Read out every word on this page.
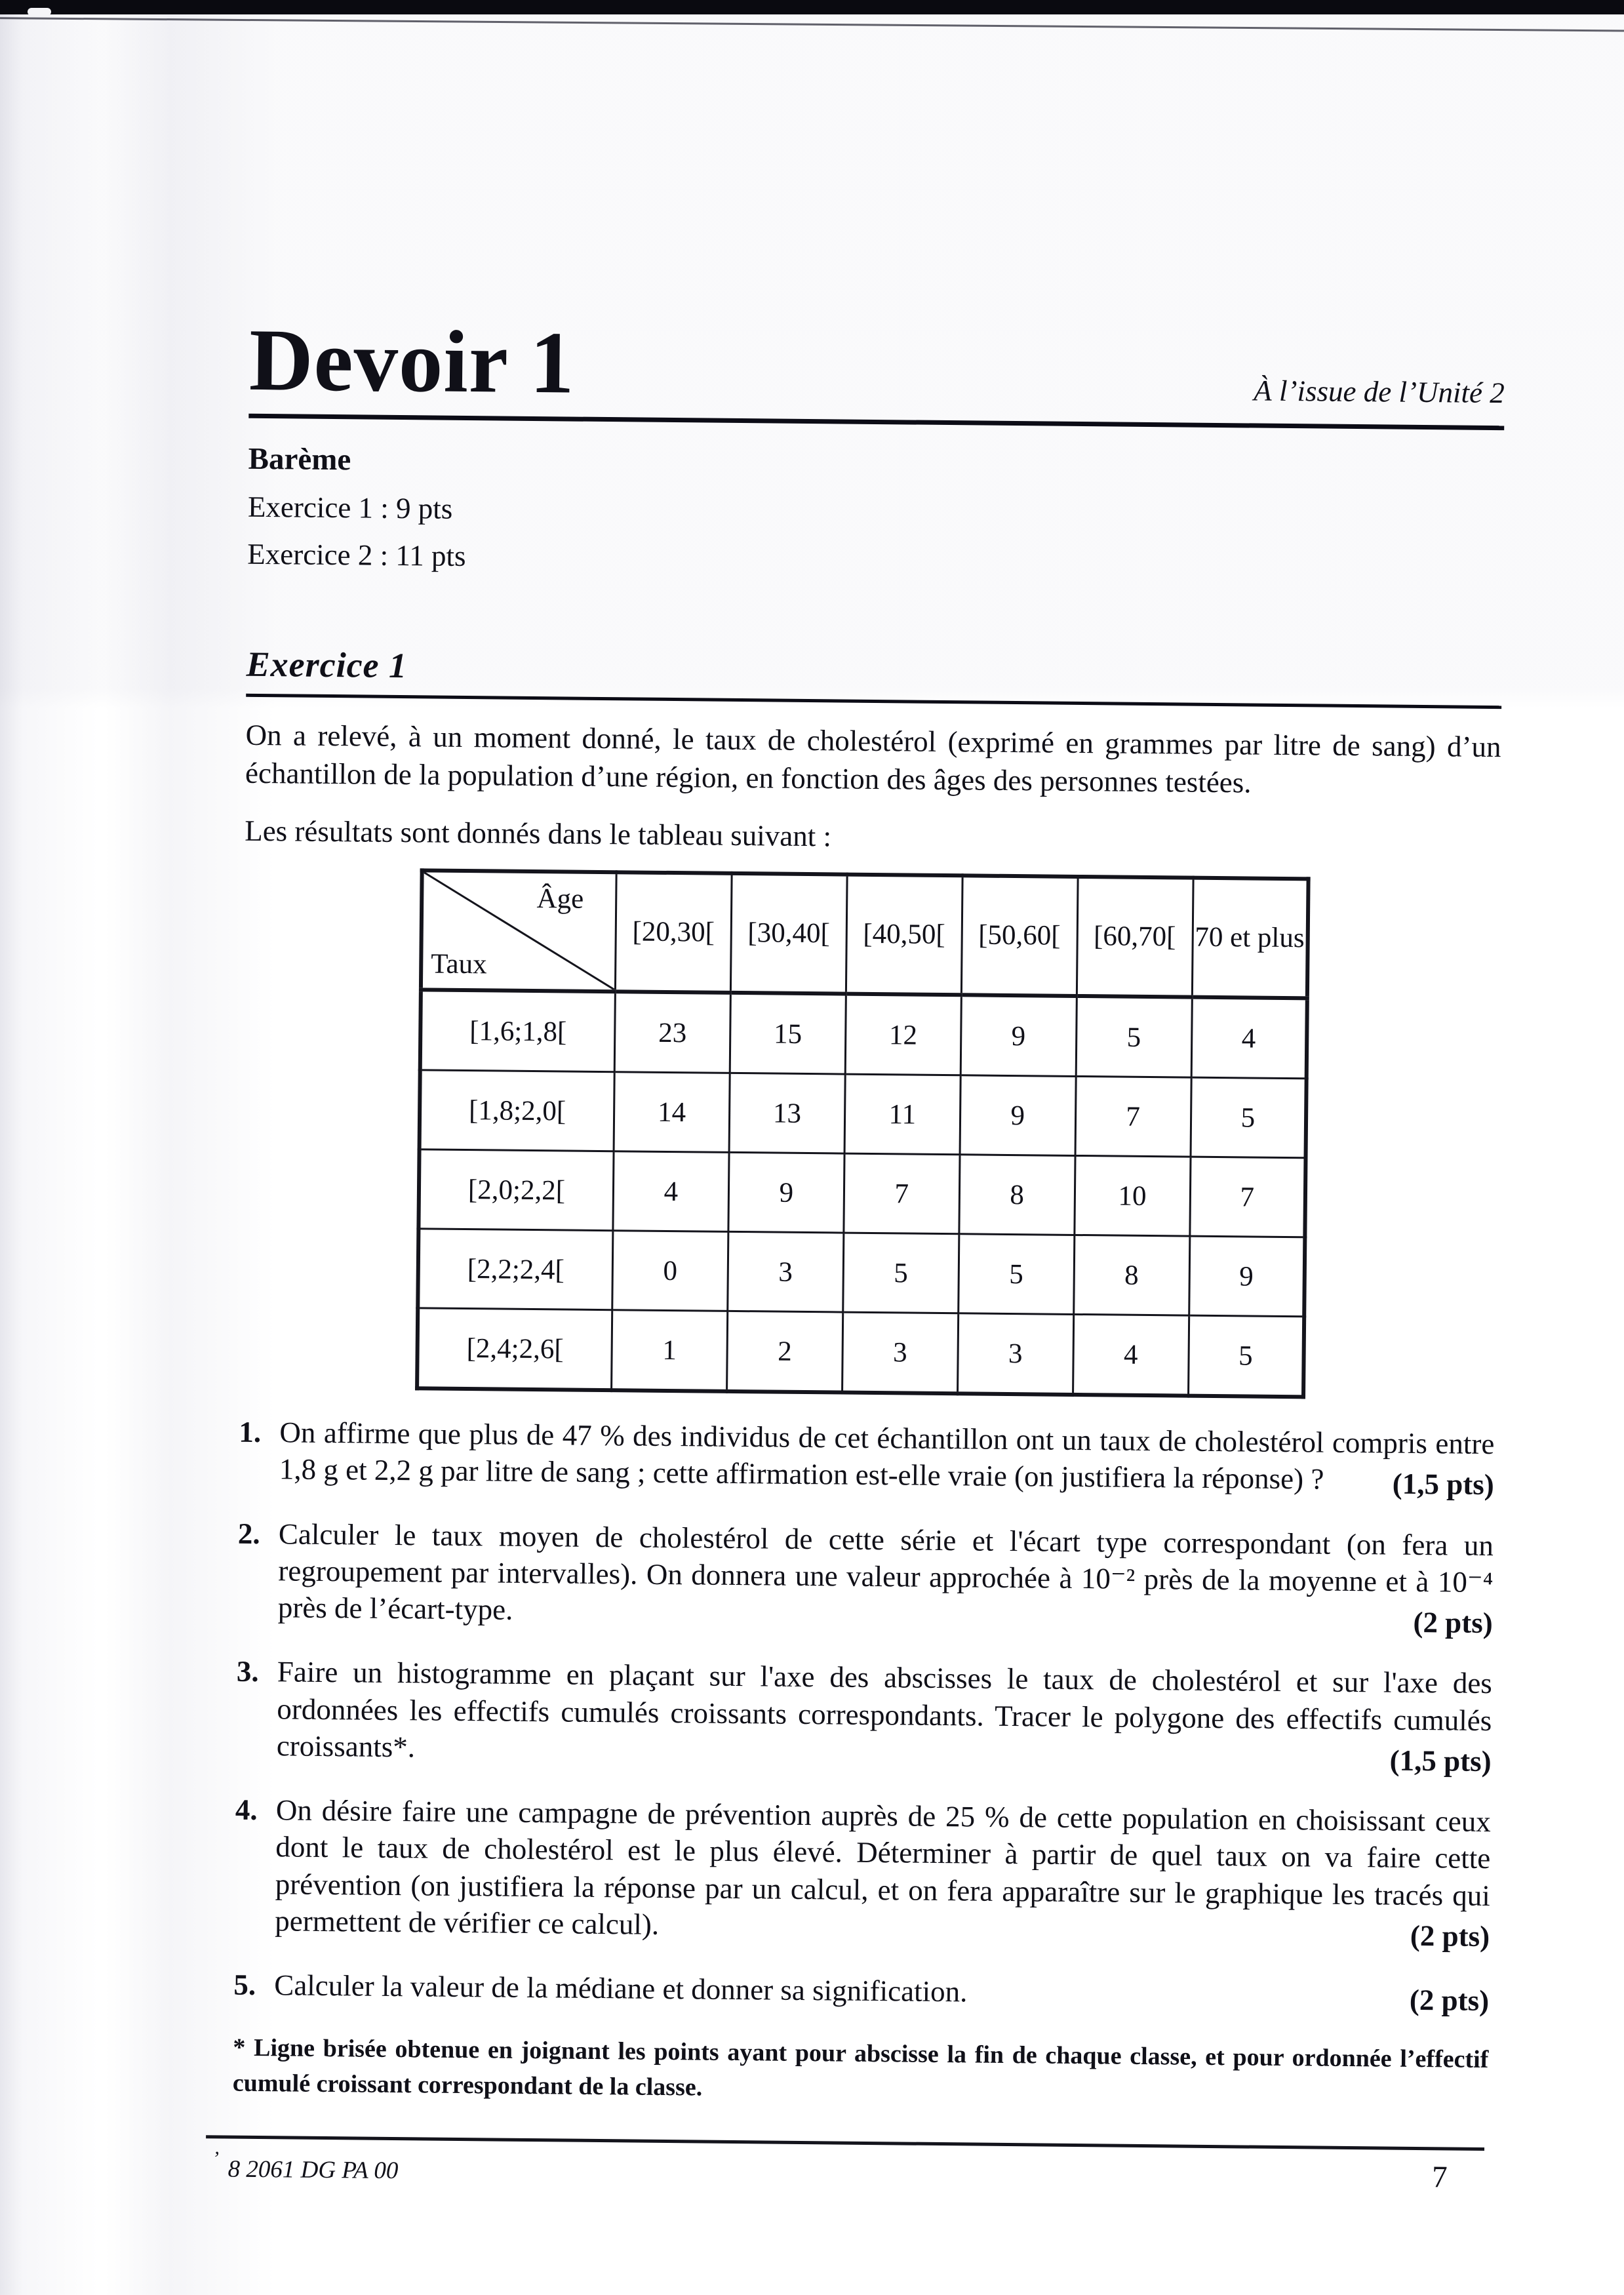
Devoir 1	À l’issue de l’Unité 2
Barème
Exercice 1 : 9 pts
Exercice 2 : 11 pts
Exercice 1

On a relevé, à un moment donné, le taux de cholestérol (exprimé en grammes par litre de sang) d’un échantillon de la population d’une région, en fonction des âges des personnes testées.

Les résultats sont donnés dans le tableau suivant :

Âge
Taux	[20,30[	[30,40[	[40,50[	[50,60[	[60,70[	70 et plus
[1,6;1,8[	23	15	12	9	5	4
[1,8;2,0[	14	13	11	9	7	5
[2,0;2,2[	4	9	7	8	10	7
[2,2;2,4[	0	3	5	5	8	9
[2,4;2,6[	1	2	3	3	4	5
1. On affirme que plus de 47 % des individus de cet échantillon ont un taux de cholestérol compris entre 1,8 g et 2,2 g par litre de sang ; cette affirmation est-elle vraie (on justifiera la réponse) ? (1,5 pts)
2. Calculer le taux moyen de cholestérol de cette série et l'écart type correspondant (on fera un regroupement par intervalles). On donnera une valeur approchée à 10⁻² près de la moyenne et à 10⁻⁴ près de l’écart-type.	(2 pts)
3. Faire un histogramme en plaçant sur l'axe des abscisses le taux de cholestérol et sur l'axe des ordonnées les effectifs cumulés croissants correspondants. Tracer le polygone des effectifs cumulés croissants*.	(1,5 pts)
4. On désire faire une campagne de prévention auprès de 25 % de cette population en choisissant ceux dont le taux de cholestérol est le plus élevé. Déterminer à partir de quel taux on va faire cette prévention (on justifiera la réponse par un calcul, et on fera apparaître sur le graphique les tracés qui permettent de vérifier ce calcul).	(2 pts)
5. Calculer la valeur de la médiane et donner sa signification.	(2 pts)

* Ligne brisée obtenue en joignant les points ayant pour abscisse la fin de chaque classe, et pour ordonnée l’effectif cumulé croissant correspondant de la classe.

’ 8 2061 DG PA 00	7
